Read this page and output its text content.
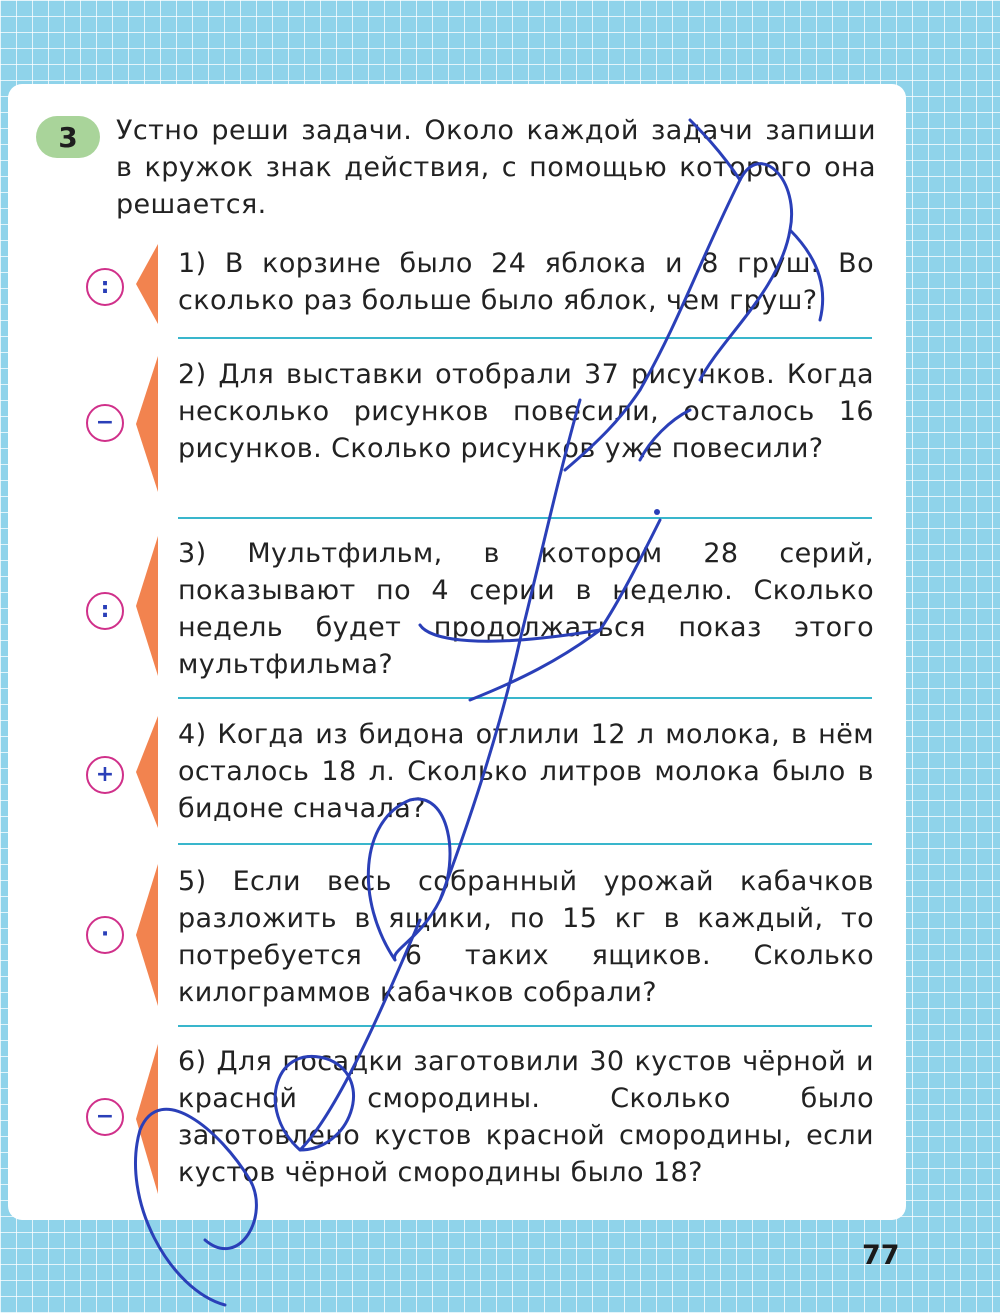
3	Устно реши задачи. Около каждой задачи запиши в кружок знак действия, с помощью которого она решается.
:
1) В корзине было 24 яблока и 8 груш. Во сколько раз больше было яблок, чем груш?
−
2) Для выставки отобрали 37 рисунков. Когда несколько рисунков повесили, осталось 16 рисунков. Сколько рисунков уже повесили?
:
3) Мультфильм, в котором 28 серий, показывают по 4 серии в неделю. Сколько недель будет продолжаться показ этого мультфильма?
+
4) Когда из бидона отлили 12 л молока, в нём осталось 18 л. Сколько литров молока было в бидоне сначала?
·
5) Если весь собранный урожай кабачков разложить в ящики, по 15 кг в каждый, то потребуется 6 таких ящиков. Сколько килограммов кабачков собрали?
−
6) Для посадки заготовили 30 кустов чёрной и красной смородины. Сколько было заготовлено кустов красной смородины, если кустов чёрной смородины было 18?
77
